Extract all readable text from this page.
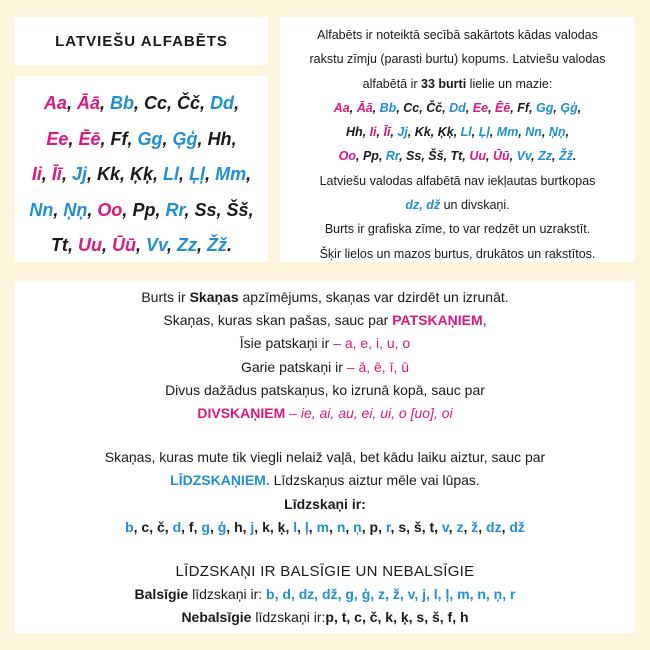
LATVIEŠU ALFABĒTS
Aa, Āā, Bb, Cc, Čč, Dd,
Ee, Ēē, Ff, Gg, Ģģ, Hh,
Ii, Īī, Jj, Kk, Ķķ, Ll, Ļļ, Mm,
Nn, Ņņ, Oo, Pp, Rr, Ss, Šš,
Tt, Uu, Ūū, Vv, Zz, Žž.
Alfabēts ir noteiktā secībā sakārtots kādas valodas
rakstu zīmju (parasti burtu) kopums. Latviešu valodas
alfabētā ir 33 burti lielie un mazie:
Aa, Āā, Bb, Cc, Čč, Dd, Ee, Ēē, Ff, Gg, Ģģ,
Hh, Ii, Īī, Jj, Kk, Ķķ, Ll, Ļļ, Mm, Nn, Ņņ,
Oo, Pp, Rr, Ss, Šš, Tt, Uu, Ūū, Vv, Zz, Žž.
Latviešu valodas alfabētā nav iekļautas burtkopas
dz, dž un divskaņi.
Burts ir grafiska zīme, to var redzēt un uzrakstīt.
Šķir lielos un mazos burtus, drukātos un rakstītos.
Burts ir Skaņas apzīmējums, skaņas var dzirdēt un izrunāt.
Skaņas, kuras skan pašas, sauc par PATSKAŅIEM,
Īsie patskaņi ir – a, e, i, u, o
Garie patskaņi ir – ā, ē, ī, ū
Divus dažādus patskaņus, ko izrunā kopā, sauc par
DIVSKAŅIEM – ie, ai, au, ei, ui, o [uo], oi
Skaņas, kuras mute tik viegli nelaiž vaļā, bet kādu laiku aiztur, sauc par
LĪDZSKAŅIEM. Līdzskaņus aiztur mēle vai lūpas.
Līdzskaņi ir:
b, c, č, d, f, g, ģ, h, j, k, ķ, l, ļ, m, n, ņ, p, r, s, š, t, v, z, ž, dz, dž
LĪDZSKAŅI IR BALSĪGIE UN NEBALSĪGIE
Balsīgie līdzskaņi ir: b, d, dz, dž, g, ģ, z, ž, v, j, l, ļ, m, n, ņ, r
Nebalsīgie līdzskaņi ir:p, t, c, č, k, ķ, s, š, f, h
